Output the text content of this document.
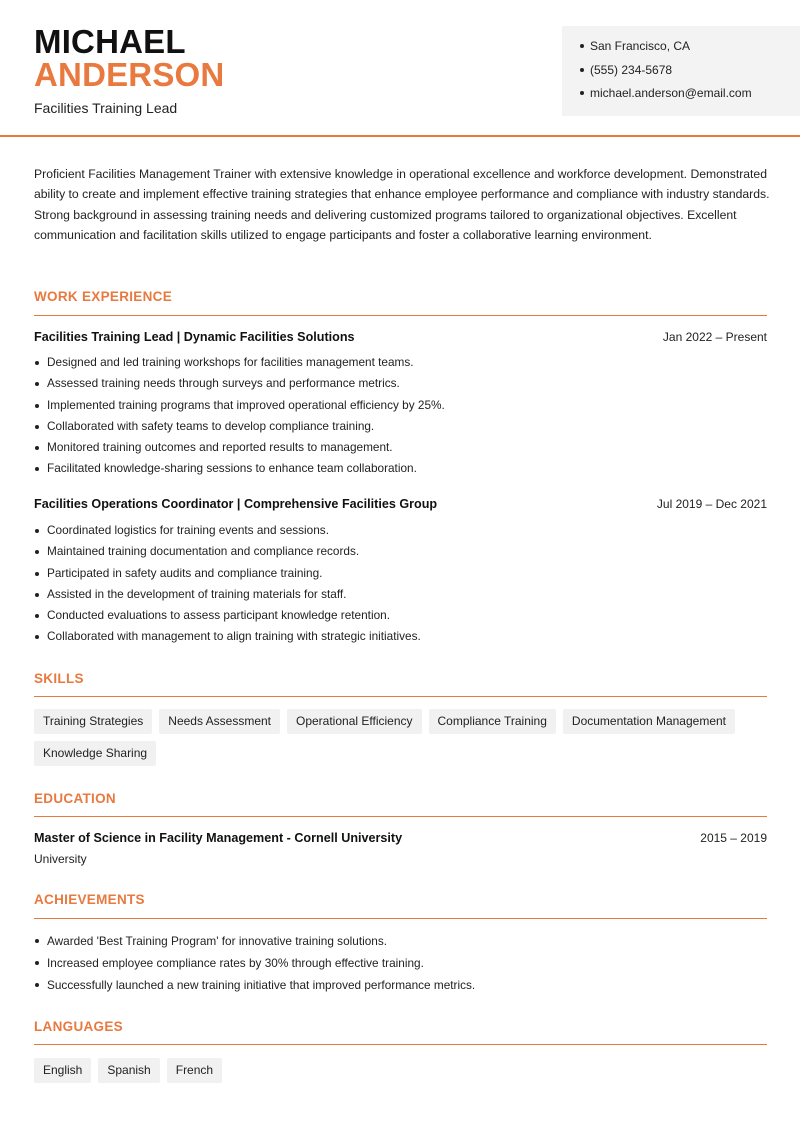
MICHAEL
ANDERSON
Facilities Training Lead
San Francisco, CA
(555) 234-5678
michael.anderson@email.com

Proficient Facilities Management Trainer with extensive knowledge in operational excellence and workforce development. Demonstrated ability to create and implement effective training strategies that enhance employee performance and compliance with industry standards. Strong background in assessing training needs and delivering customized programs tailored to organizational objectives. Excellent communication and facilitation skills utilized to engage participants and foster a collaborative learning environment.

WORK EXPERIENCE
Facilities Training Lead | Dynamic Facilities Solutions	Jan 2022 – Present
Designed and led training workshops for facilities management teams.
Assessed training needs through surveys and performance metrics.
Implemented training programs that improved operational efficiency by 25%.
Collaborated with safety teams to develop compliance training.
Monitored training outcomes and reported results to management.
Facilitated knowledge-sharing sessions to enhance team collaboration.
Facilities Operations Coordinator | Comprehensive Facilities Group	Jul 2019 – Dec 2021
Coordinated logistics for training events and sessions.
Maintained training documentation and compliance records.
Participated in safety audits and compliance training.
Assisted in the development of training materials for staff.
Conducted evaluations to assess participant knowledge retention.
Collaborated with management to align training with strategic initiatives.
SKILLS
Training Strategies	Needs Assessment	Operational Efficiency	Compliance Training	Documentation Management
Knowledge Sharing
EDUCATION
Master of Science in Facility Management - Cornell University	2015 – 2019
University
ACHIEVEMENTS
Awarded 'Best Training Program' for innovative training solutions.
Increased employee compliance rates by 30% through effective training.
Successfully launched a new training initiative that improved performance metrics.
LANGUAGES
English	Spanish	French
